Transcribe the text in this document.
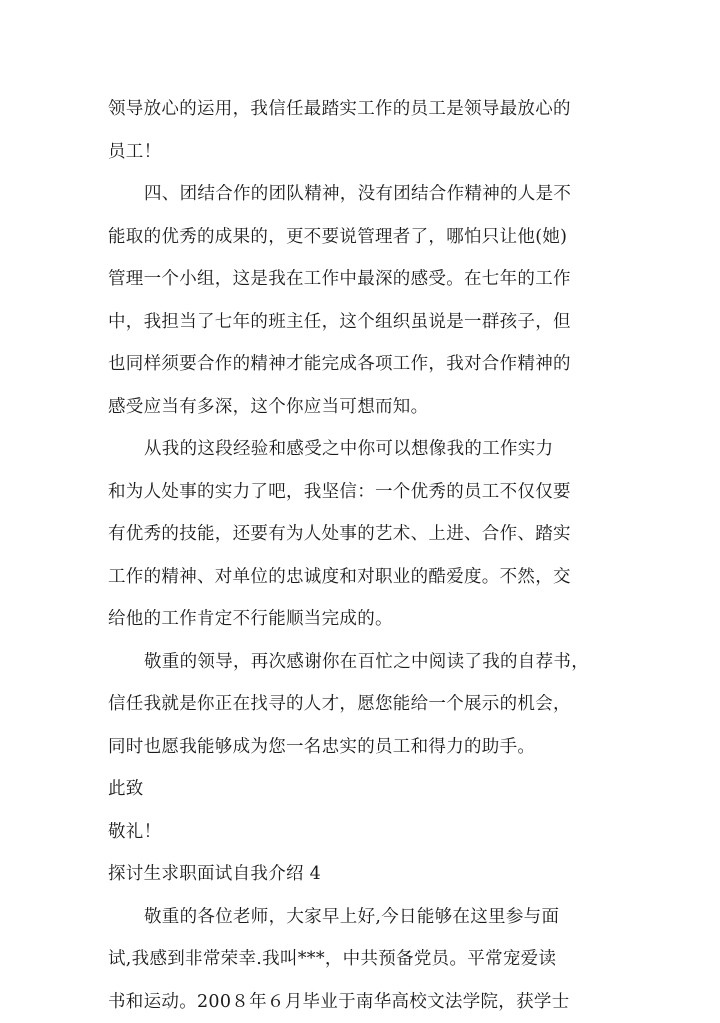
领导放心的运用，我信任最踏实工作的员工是领导最放心的
员工！
四、团结合作的团队精神，没有团结合作精神的人是不
能取的优秀的成果的，更不要说管理者了，哪怕只让他(她)
管理一个小组，这是我在工作中最深的感受。在七年的工作
中，我担当了七年的班主任，这个组织虽说是一群孩子，但
也同样须要合作的精神才能完成各项工作，我对合作精神的
感受应当有多深，这个你应当可想而知。
从我的这段经验和感受之中你可以想像我的工作实力
和为人处事的实力了吧，我坚信：一个优秀的员工不仅仅要
有优秀的技能，还要有为人处事的艺术、上进、合作、踏实
工作的精神、对单位的忠诚度和对职业的酷爱度。不然，交
给他的工作肯定不行能顺当完成的。
敬重的领导，再次感谢你在百忙之中阅读了我的自荐书，
信任我就是你正在找寻的人才，愿您能给一个展示的机会，
同时也愿我能够成为您一名忠实的员工和得力的助手。
此致
敬礼！
探讨生求职面试自我介绍 4
敬重的各位老师，大家早上好,今日能够在这里参与面
试,我感到非常荣幸.我叫***，中共预备党员。平常宠爱读
书和运动。200８年６月毕业于南华高校文法学院，获学士
